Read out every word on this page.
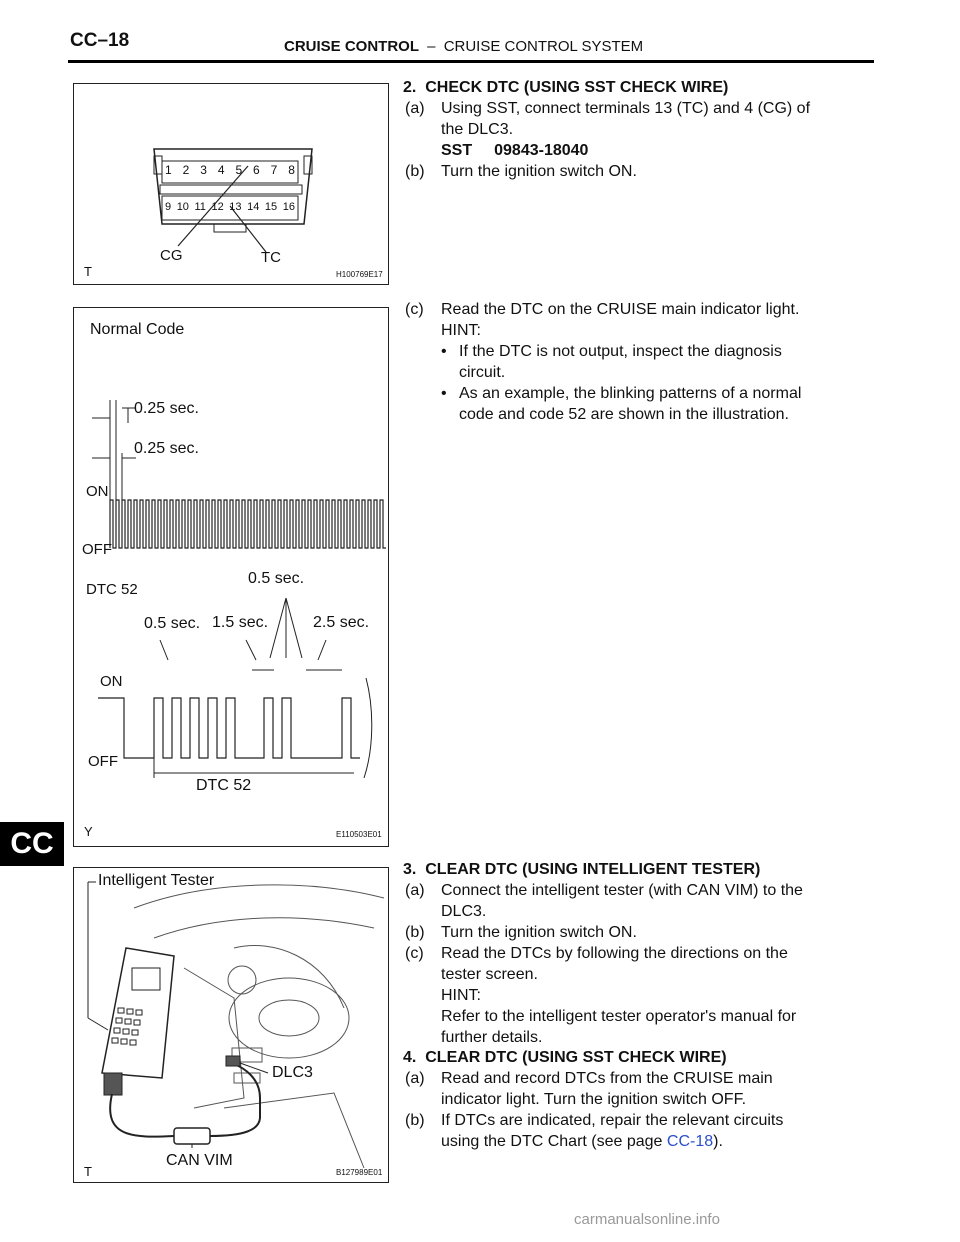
CC–18	CRUISE CONTROL – CRUISE CONTROL SYSTEM
CC
1 2 3 4 5 6 7 8
9 10 11 12 13 14 15 16
CG	TC
T	H100769E17
Normal Code
0.25 sec.
0.25 sec.
ON
OFF
DTC 52
0.5 sec.
0.5 sec. 1.5 sec.	2.5 sec.
ON
OFF
DTC 52
Y	E110503E01
Intelligent Tester
DLC3
CAN VIM
T	B127989E01
2.  CHECK DTC (USING SST CHECK WIRE)
(a) Using SST, connect terminals 13 (TC) and 4 (CG) of
the DLC3.
SST 09843-18040
(b) Turn the ignition switch ON.
(c) Read the DTC on the CRUISE main indicator light.
HINT:
• If the DTC is not output, inspect the diagnosis
circuit.
• As an example, the blinking patterns of a normal
code and code 52 are shown in the illustration.
3.  CLEAR DTC (USING INTELLIGENT TESTER)
(a) Connect the intelligent tester (with CAN VIM) to the
DLC3.
(b) Turn the ignition switch ON.
(c) Read the DTCs by following the directions on the
tester screen.
HINT:
Refer to the intelligent tester operator's manual for
further details.
4.  CLEAR DTC (USING SST CHECK WIRE)
(a) Read and record DTCs from the CRUISE main
indicator light. Turn the ignition switch OFF.
(b) If DTCs are indicated, repair the relevant circuits
using the DTC Chart (see page CC-18).
carmanualsonline.info
